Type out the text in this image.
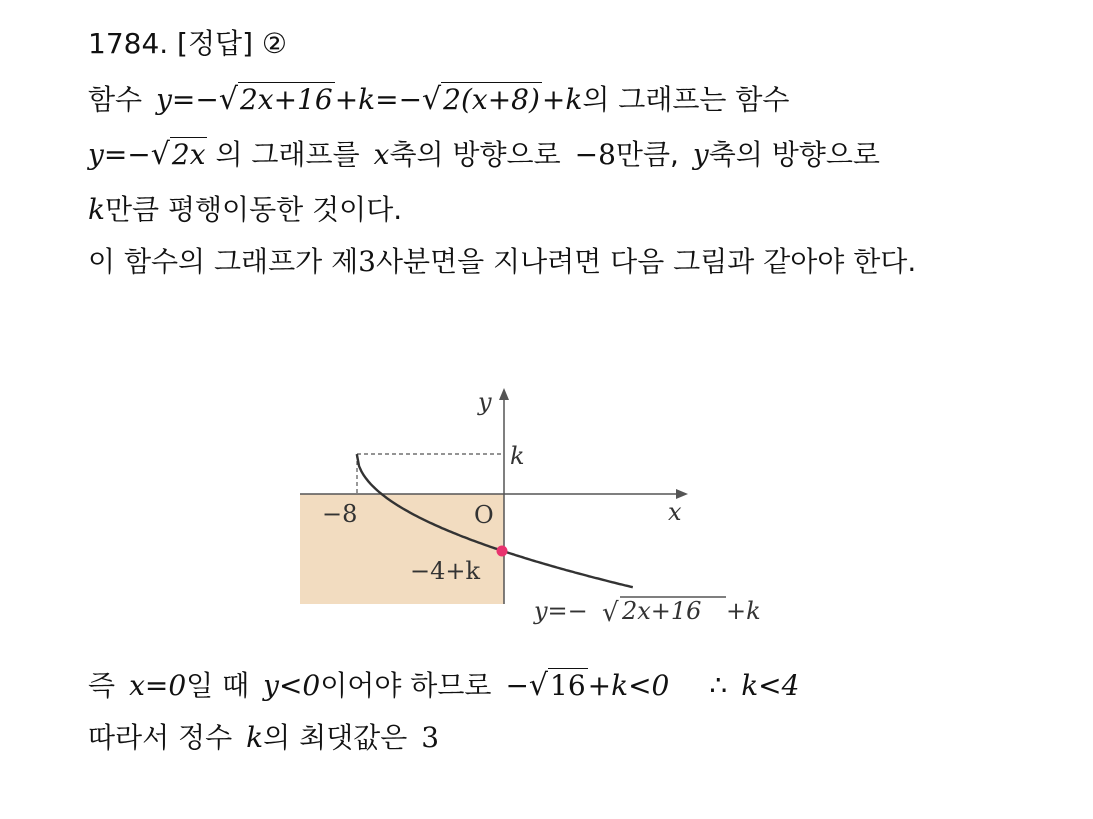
1784. [정답] ②
함수 y=−√2x+16+k=−√2(x+8)+k의 그래프는 함수
y=−√2x 의 그래프를 x축의 방향으로 −8만큼, y축의 방향으로
k만큼 평행이동한 것이다.
이 함수의 그래프가 제3사분면을 지나려면 다음 그림과 같아야 한다.
y
x
O
k
−8
−4+k
y=− √ 2x+16 +k
즉 x=0일 때 y<0이어야 하므로 −√16+k<0 ∴ k<4
따라서 정수 k의 최댓값은 3
